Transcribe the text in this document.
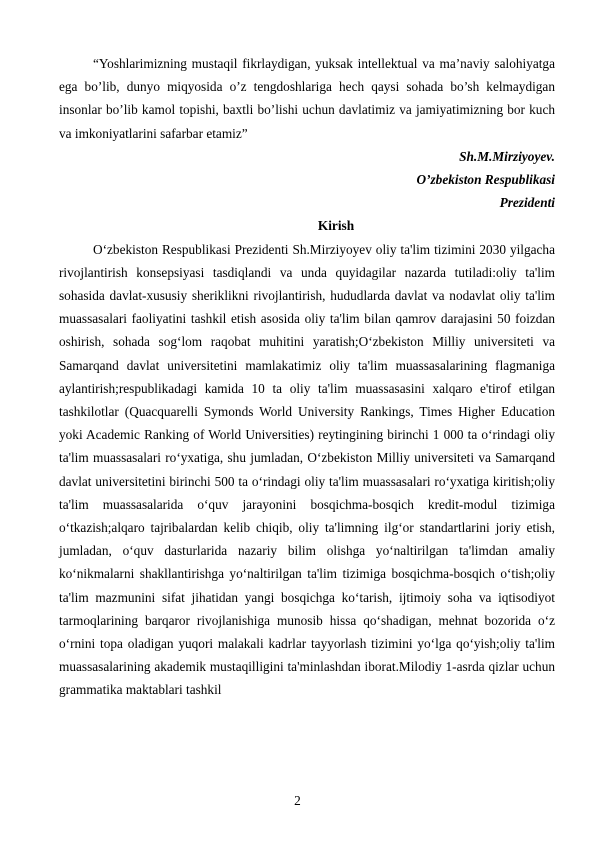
“Yoshlarimizning mustaqil fikrlaydigan, yuksak intellektual va ma’naviy salohiyatga ega bo’lib, dunyo miqyosida o’z tengdoshlariga hech qaysi sohada bo’sh kelmaydigan insonlar bo’lib kamol topishi, baxtli bo’lishi uchun davlatimiz va jamiyatimizning bor kuch va imkoniyatlarini safarbar etamiz”

Sh.M.Mirziyoyev.
O’zbekiston Respublikasi
Prezidenti
Kirish

O‘zbekiston Respublikasi Prezidenti Sh.Mirziyoyev oliy ta'lim tizimini 2030 yilgacha rivojlantirish konsepsiyasi tasdiqlandi va unda quyidagilar nazarda tutiladi:oliy ta'lim sohasida davlat-xususiy sheriklikni rivojlantirish, hududlarda davlat va nodavlat oliy ta'lim muassasalari faoliyatini tashkil etish asosida oliy ta'lim bilan qamrov darajasini 50 foizdan oshirish, sohada sog‘lom raqobat muhitini yaratish;O‘zbekiston Milliy universiteti va Samarqand davlat universitetini mamlakatimiz oliy ta'lim muassasalarining flagmaniga aylantirish;respublikadagi kamida 10 ta oliy ta'lim muassasasini xalqaro e'tirof etilgan tashkilotlar (Quacquarelli Symonds World University Rankings, Times Higher Education yoki Academic Ranking of World Universities) reytingining birinchi 1 000 ta o‘rindagi oliy ta'lim muassasalari ro‘yxatiga, shu jumladan, O‘zbekiston Milliy universiteti va Samarqand davlat universitetini birinchi 500 ta o‘rindagi oliy ta'lim muassasalari ro‘yxatiga kiritish;oliy ta'lim muassasalarida o‘quv jarayonini bosqichma-bosqich kredit-modul tizimiga o‘tkazish;alqaro tajribalardan kelib chiqib, oliy ta'limning ilg‘or standartlarini joriy etish, jumladan, o‘quv dasturlarida nazariy bilim olishga yo‘naltirilgan ta'limdan amaliy ko‘nikmalarni shakllantirishga yo‘naltirilgan ta'lim tizimiga bosqichma-bosqich o‘tish;oliy ta'lim mazmunini sifat jihatidan yangi bosqichga ko‘tarish, ijtimoiy soha va iqtisodiyot tarmoqlarining barqaror rivojlanishiga munosib hissa qo‘shadigan, mehnat bozorida o‘z o‘rnini topa oladigan yuqori malakali kadrlar tayyorlash tizimini yo‘lga qo‘yish;oliy ta'lim muassasalarining akademik mustaqilligini ta'minlashdan iborat.Milodiy 1-asrda qizlar uchun grammatika maktablari tashkil

2
